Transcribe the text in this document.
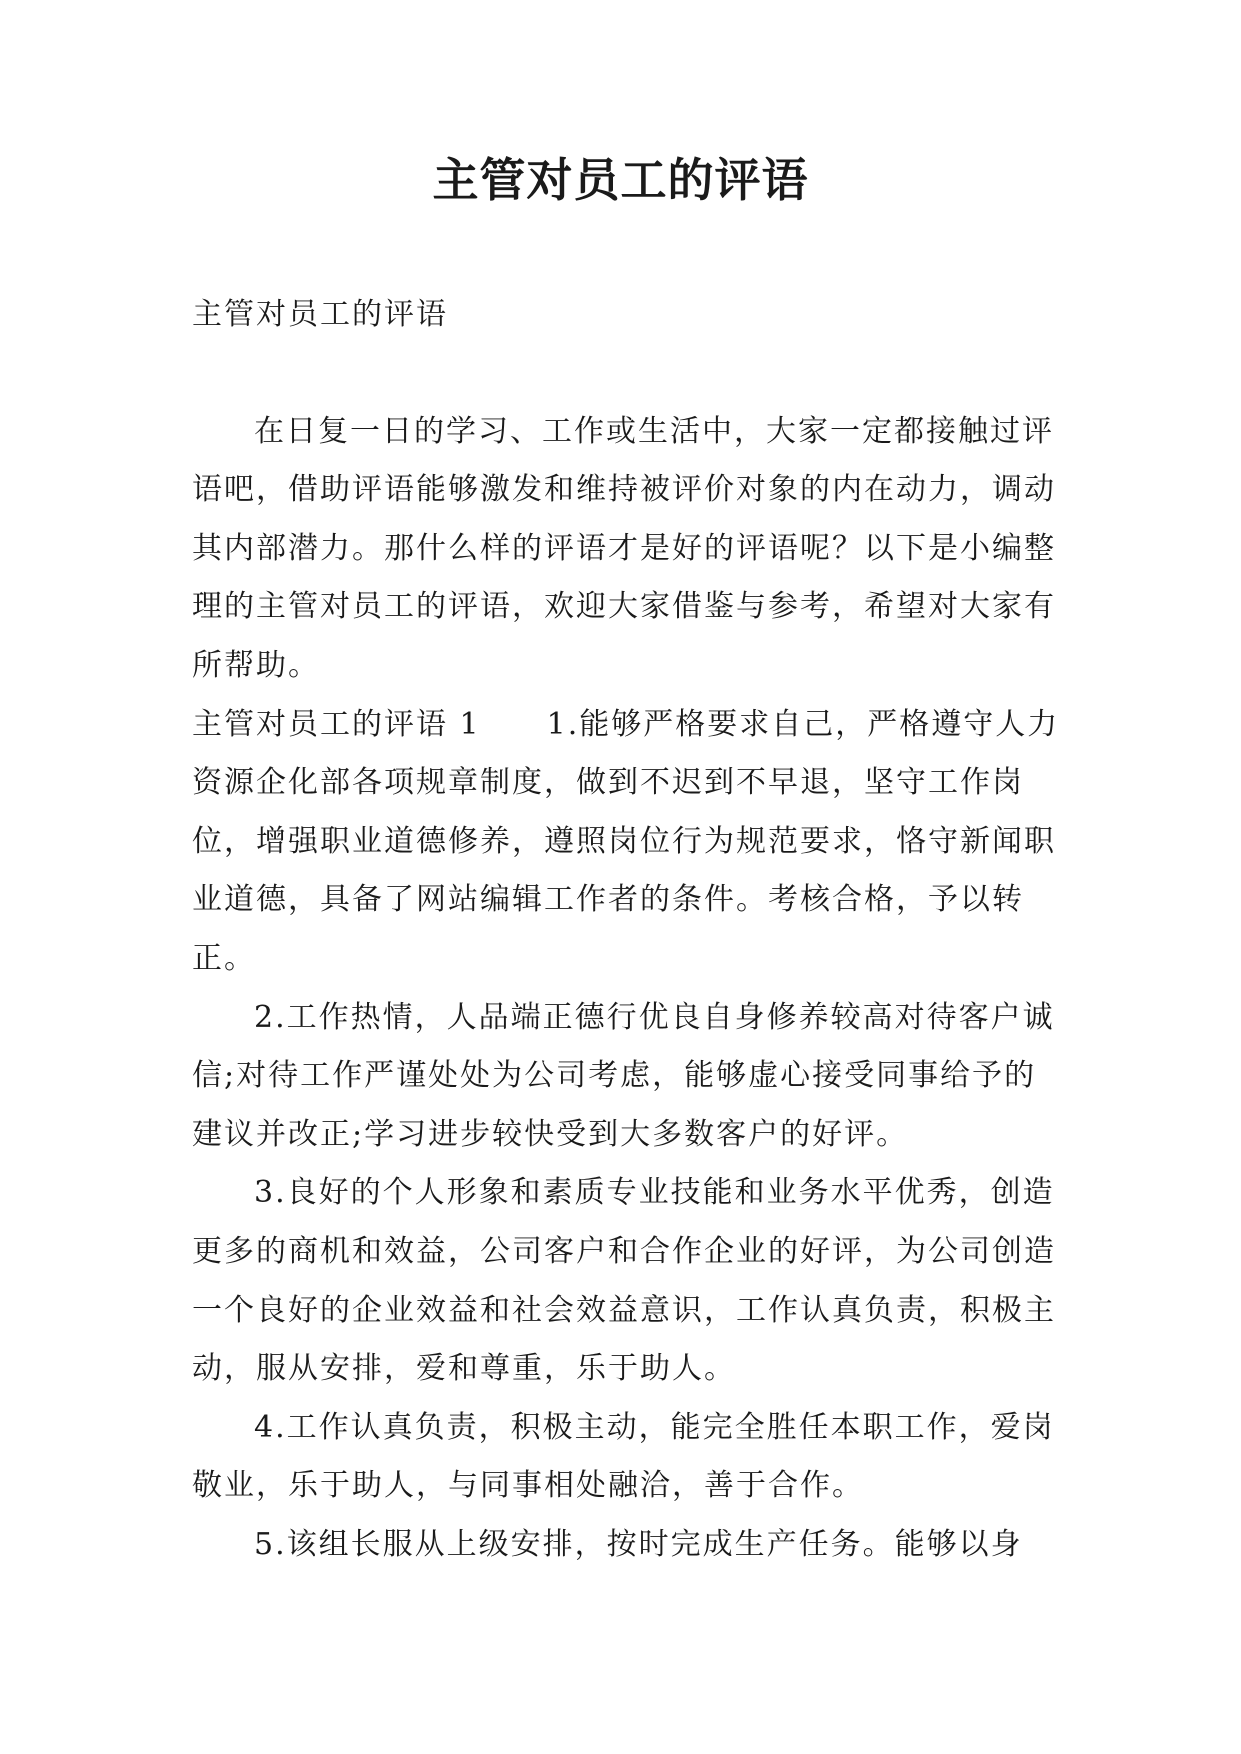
主管对员工的评语

主管对员工的评语

在日复一日的学习、工作或生活中，大家一定都接触过评语吧，借助评语能够激发和维持被评价对象的内在动力，调动其内部潜力。那什么样的评语才是好的评语呢？以下是小编整理的主管对员工的评语，欢迎大家借鉴与参考，希望对大家有所帮助。

主管对员工的评语 1 1.能够严格要求自己，严格遵守人力资源企化部各项规章制度，做到不迟到不早退，坚守工作岗位，增强职业道德修养，遵照岗位行为规范要求，恪守新闻职业道德，具备了网站编辑工作者的条件。考核合格，予以转正。

2.工作热情，人品端正德行优良自身修养较高对待客户诚信;对待工作严谨处处为公司考虑，能够虚心接受同事给予的建议并改正;学习进步较快受到大多数客户的好评。

3.良好的个人形象和素质专业技能和业务水平优秀，创造更多的商机和效益，公司客户和合作企业的好评，为公司创造一个良好的企业效益和社会效益意识，工作认真负责，积极主动，服从安排，爱和尊重，乐于助人。

4.工作认真负责，积极主动，能完全胜任本职工作，爱岗敬业，乐于助人，与同事相处融洽，善于合作。

5.该组长服从上级安排，按时完成生产任务。能够以身
